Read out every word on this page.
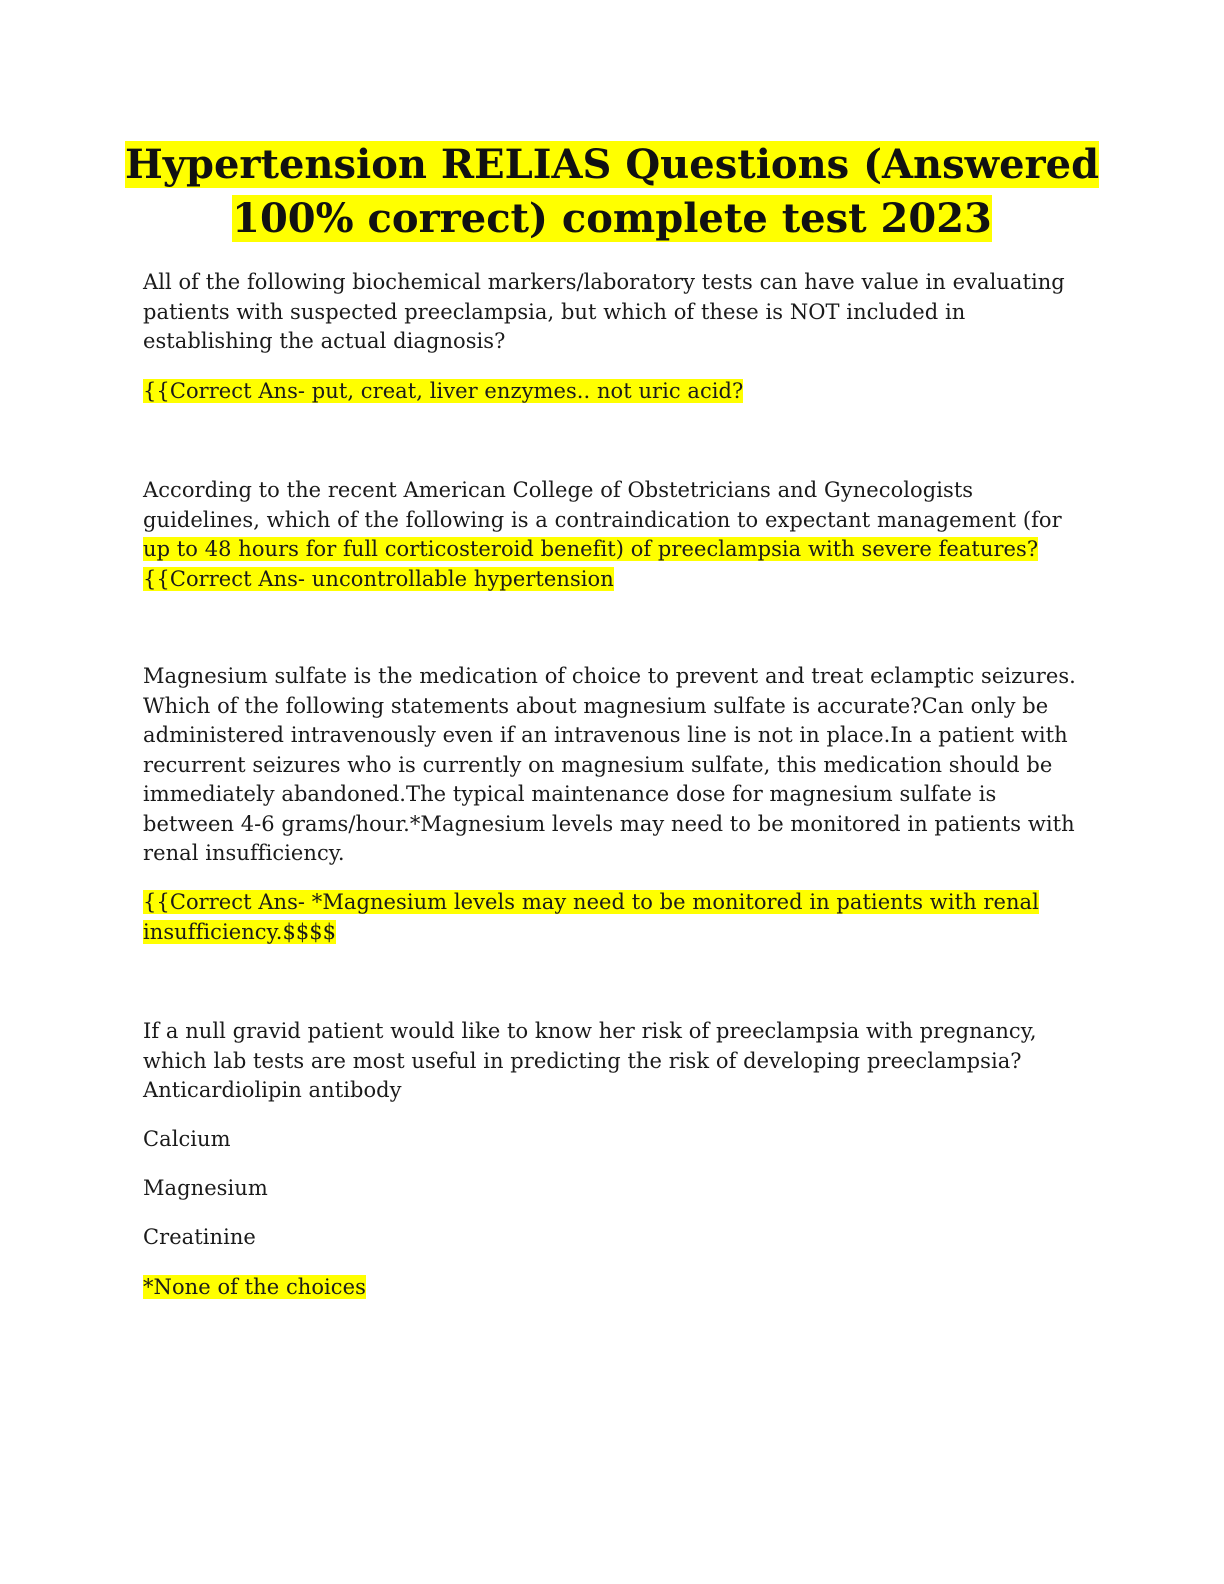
Hypertension RELIAS Questions (Answered
100% correct) complete test 2023

All of the following biochemical markers/laboratory tests can have value in evaluating patients with suspected preeclampsia, but which of these is NOT included in establishing the actual diagnosis?

{{Correct Ans- put, creat, liver enzymes.. not uric acid?

According to the recent American College of Obstetricians and Gynecologists guidelines, which of the following is a contraindication to expectant management (for up to 48 hours for full corticosteroid benefit) of preeclampsia with severe features?
{{Correct Ans- uncontrollable hypertension

Magnesium sulfate is the medication of choice to prevent and treat eclamptic seizures. Which of the following statements about magnesium sulfate is accurate?Can only be administered intravenously even if an intravenous line is not in place.In a patient with recurrent seizures who is currently on magnesium sulfate, this medication should be immediately abandoned.The typical maintenance dose for magnesium sulfate is between 4-6 grams/hour.*Magnesium levels may need to be monitored in patients with renal insufficiency.

{{Correct Ans- *Magnesium levels may need to be monitored in patients with renal insufficiency.$$$$

If a null gravid patient would like to know her risk of preeclampsia with pregnancy, which lab tests are most useful in predicting the risk of developing preeclampsia? Anticardiolipin antibody

Calcium

Magnesium

Creatinine

*None of the choices
